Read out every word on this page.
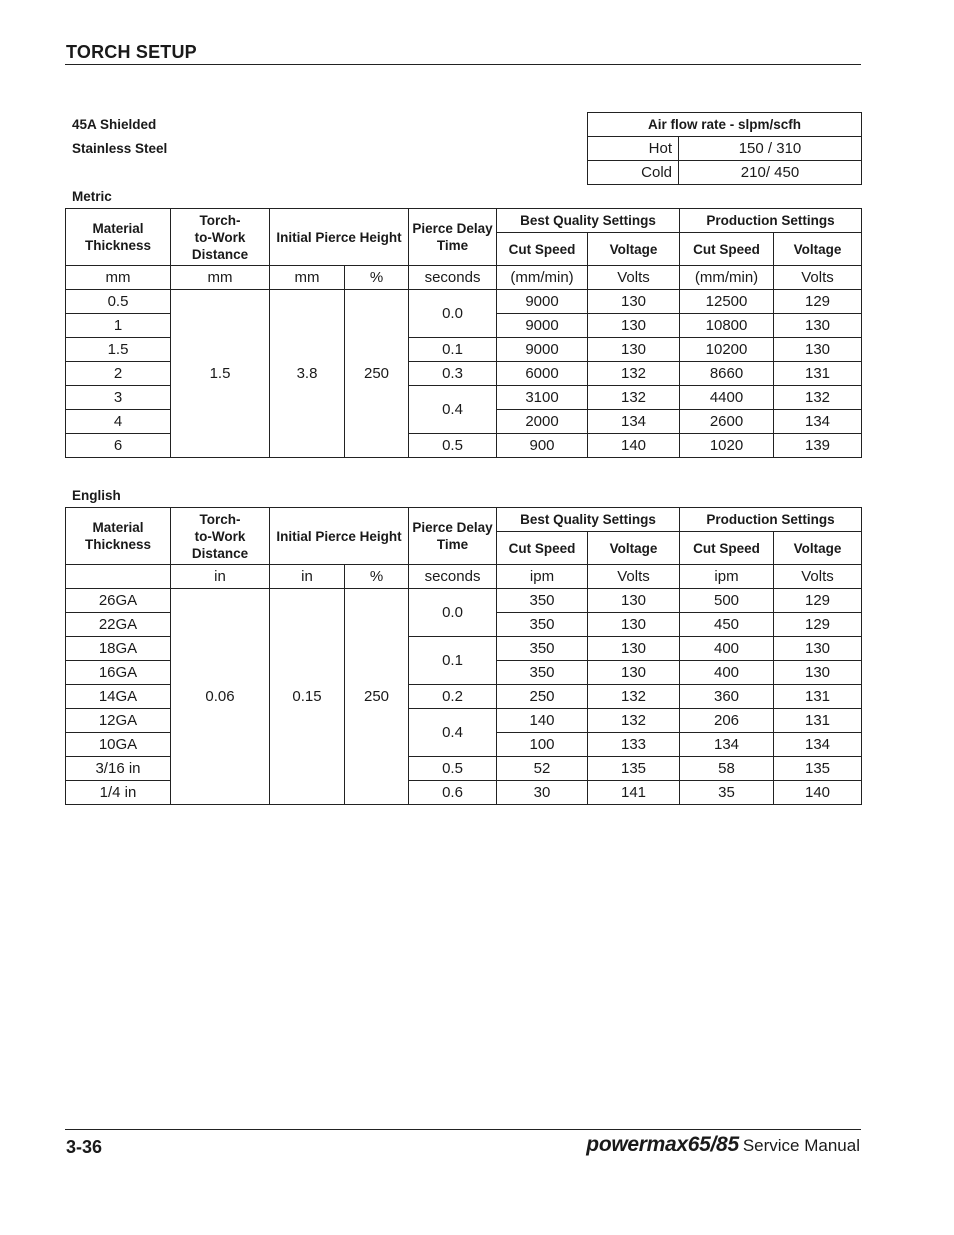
TORCH SETUP
45A Shielded
Stainless Steel
Air flow rate - slpm/scfh	
Hot	150 / 310
Cold	210/ 450
Metric
Material Thickness	Torch-
to-Work
Distance	Initial Pierce Height		Pierce Delay Time	Best Quality Settings		Production Settings	
					Cut Speed	Voltage	Cut Speed	Voltage
mm	mm	mm	%	seconds	(mm/min)	Volts	(mm/min)	Volts
0.5	1.5	3.8	250	0.0	9000	130	12500	129
1					9000	130	10800	130
1.5				0.1	9000	130	10200	130
2				0.3	6000	132	8660	131
3				0.4	3100	132	4400	132
4					2000	134	2600	134
6				0.5	900	140	1020	139
English
Material Thickness	Torch-
to-Work
Distance	Initial Pierce Height		Pierce Delay Time	Best Quality Settings		Production Settings	
					Cut Speed	Voltage	Cut Speed	Voltage
	in	in	%	seconds	ipm	Volts	ipm	Volts
26GA	0.06	0.15	250	0.0	350	130	500	129
22GA					350	130	450	129
18GA				0.1	350	130	400	130
16GA					350	130	400	130
14GA				0.2	250	132	360	131
12GA				0.4	140	132	206	131
10GA					100	133	134	134
3/16 in				0.5	52	135	58	135
1/4 in				0.6	30	141	35	140
3-36	powermax65/85 Service Manual
